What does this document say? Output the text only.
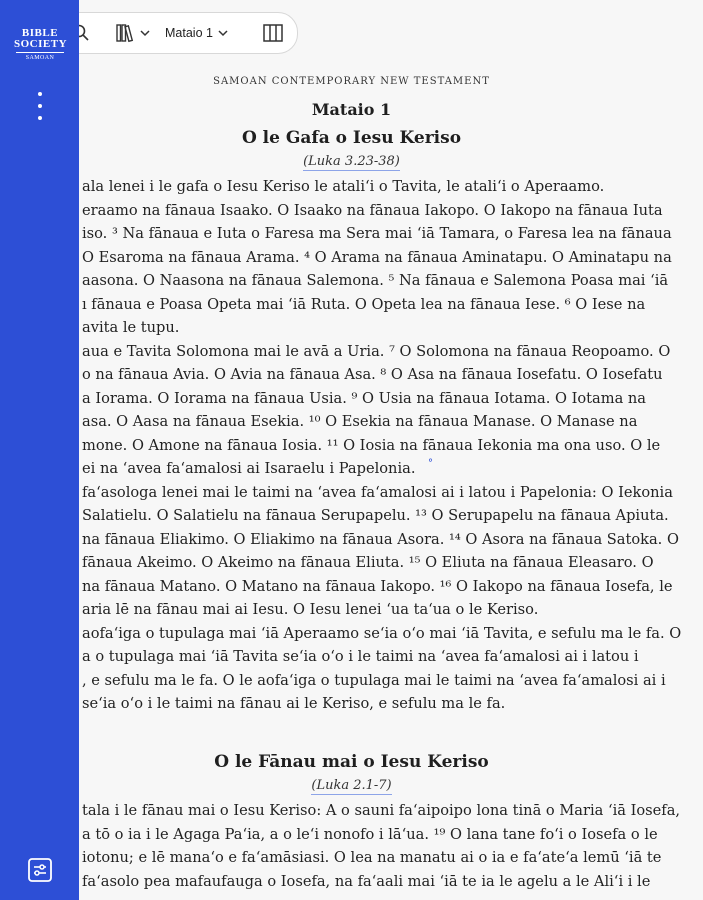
SAMOAN CONTEMPORARY NEW TESTAMENT
Mataio 1
O le Gafa o Iesu Keriso
(Luka 3.23-38)
ala lenei i le gafa o Iesu Keriso le atali‘i o Tavita, le atali‘i o Aperaamo.
eraamo na fānaua Isaako. O Isaako na fānaua Iakopo. O Iakopo na fānaua Iuta
iso. ³ Na fānaua e Iuta o Faresa ma Sera mai ‘iā Tamara, o Faresa lea na fānaua
O Esaroma na fānaua Arama. ⁴ O Arama na fānaua Aminatapu. O Aminatapu na
aasona. O Naasona na fānaua Salemona. ⁵ Na fānaua e Salemona Poasa mai ‘iā
ı fānaua e Poasa Opeta mai ‘iā Ruta. O Opeta lea na fānaua Iese. ⁶ O Iese na
avita le tupu.
aua e Tavita Solomona mai le avā a Uria. ⁷ O Solomona na fānaua Reopoamo. O
o na fānaua Avia. O Avia na fānaua Asa. ⁸ O Asa na fānaua Iosefatu. O Iosefatu
a Iorama. O Iorama na fānaua Usia. ⁹ O Usia na fānaua Iotama. O Iotama na
asa. O Aasa na fānaua Esekia. ¹⁰ O Esekia na fānaua Manase. O Manase na
mone. O Amone na fānaua Iosia. ¹¹ O Iosia na fānaua Iekonia ma ona uso. O le
ei na ‘avea fa‘amalosi ai Isaraelu i Papelonia. °
fa‘asologa lenei mai le taimi na ‘avea fa‘amalosi ai i latou i Papelonia: O Iekonia
Salatielu. O Salatielu na fānaua Serupapelu. ¹³ O Serupapelu na fānaua Apiuta.
na fānaua Eliakimo. O Eliakimo na fānaua Asora. ¹⁴ O Asora na fānaua Satoka. O
fānaua Akeimo. O Akeimo na fānaua Eliuta. ¹⁵ O Eliuta na fānaua Eleasaro. O
na fānaua Matano. O Matano na fānaua Iakopo. ¹⁶ O Iakopo na fānaua Iosefa, le
aria lē na fānau mai ai Iesu. O Iesu lenei ‘ua ta‘ua o le Keriso.
aofa‘iga o tupulaga mai ‘iā Aperaamo se‘ia o‘o mai ‘iā Tavita, e sefulu ma le fa. O
a o tupulaga mai ‘iā Tavita se‘ia o‘o i le taimi na ‘avea fa‘amalosi ai i latou i
, e sefulu ma le fa. O le aofa‘iga o tupulaga mai le taimi na ‘avea fa‘amalosi ai i
se‘ia o‘o i le taimi na fānau ai le Keriso, e sefulu ma le fa.
O le Fānau mai o Iesu Keriso
(Luka 2.1-7)
tala i le fānau mai o Iesu Keriso: A o sauni fa‘aipoipo lona tinā o Maria ‘iā Iosefa,
a tō o ia i le Agaga Pa‘ia, a o le‘i nonofo i lā‘ua. ¹⁹ O lana tane fo‘i o Iosefa o le
iotonu; e lē mana‘o e fa‘amāsiasi. O lea na manatu ai o ia e fa‘ate‘a lemū ‘iā te
fa‘asolo pea mafaufauga o Iosefa, na fa‘aali mai ‘iā te ia le agelu a le Ali‘i i le
Mataio 1
BIBLE
SOCIETY
SAMOAN
